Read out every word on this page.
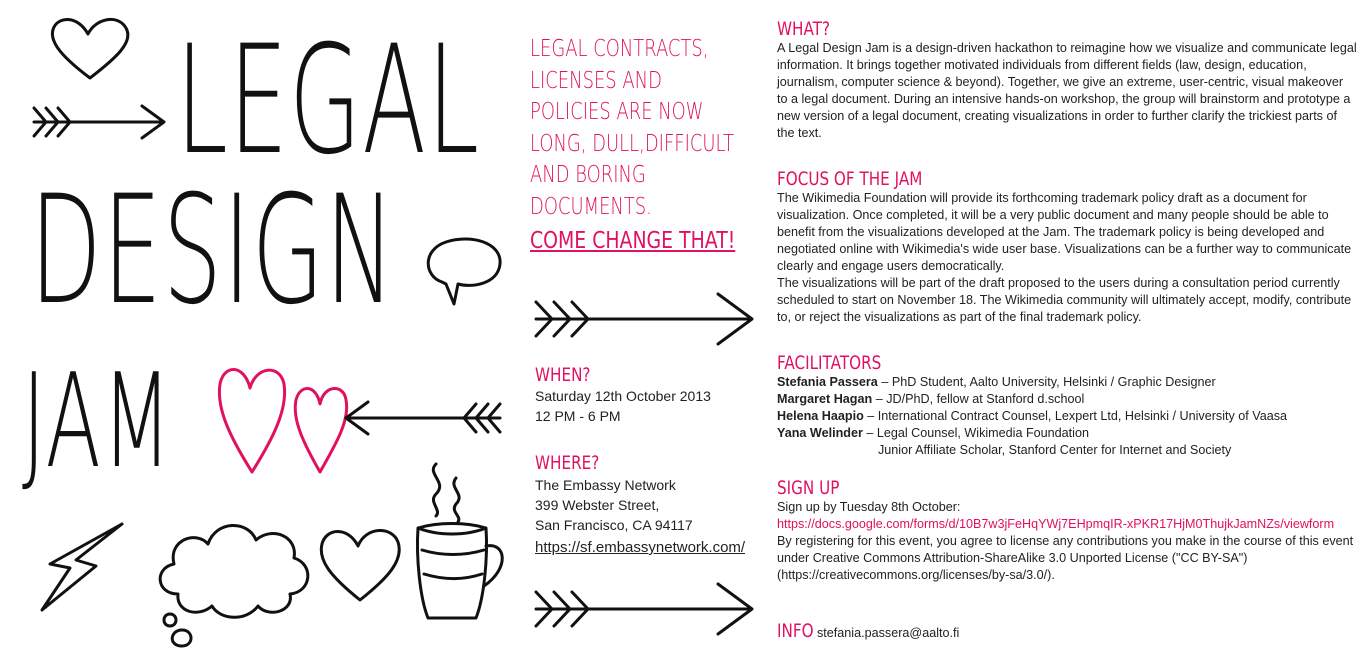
LEGAL
DESIGN
JAM
LEGAL CONTRACTS,
LICENSES AND
POLICIES ARE NOW
LONG, DULL,DIFFICULT
AND BORING
DOCUMENTS.
COME CHANGE THAT!
WHEN?
Saturday 12th October 2013
12 PM - 6 PM
WHERE?
The Embassy Network
399 Webster Street,
San Francisco, CA 94117
https://sf.embassynetwork.com/
WHAT?
A Legal Design Jam is a design-driven hackathon to reimagine how we visualize and communicate legal information. It brings together motivated individuals from different fields (law, design, education, journalism, computer science & beyond). Together, we give an extreme, user-centric, visual makeover to a legal document. During an intensive hands-on workshop, the group will brainstorm and prototype a new version of a legal document, creating visualizations in order to further clarify the trickiest parts of the text.
FOCUS OF THE JAM

The Wikimedia Foundation will provide its forthcoming trademark policy draft as a document for visualization. Once completed, it will be a very public document and many people should be able to benefit from the visualizations developed at the Jam. The trademark policy is being developed and negotiated online with Wikimedia's wide user base. Visualizations can be a further way to communicate clearly and engage users democratically.

The visualizations will be part of the draft proposed to the users during a consultation period currently scheduled to start on November 18. The Wikimedia community will ultimately accept, modify, contribute to, or reject the visualizations as part of the final trademark policy.

FACILITATORS
Stefania Passera – PhD Student, Aalto University, Helsinki / Graphic Designer
Margaret Hagan – JD/PhD, fellow at Stanford d.school
Helena Haapio – International Contract Counsel, Lexpert Ltd, Helsinki / University of Vaasa
Yana Welinder – Legal Counsel, Wikimedia Foundation
Junior Affiliate Scholar, Stanford Center for Internet and Society
SIGN UP

Sign up by Tuesday 8th October:

https://docs.google.com/forms/d/10B7w3jFeHqYWj7EHpmqIR-xPKR17HjM0ThujkJamNZs/viewform

By registering for this event, you agree to license any contributions you make in the course of this event under Creative Commons Attribution-ShareAlike 3.0 Unported License ("CC BY-SA") (https://creativecommons.org/licenses/by-sa/3.0/).

INFO stefania.passera@aalto.fi
